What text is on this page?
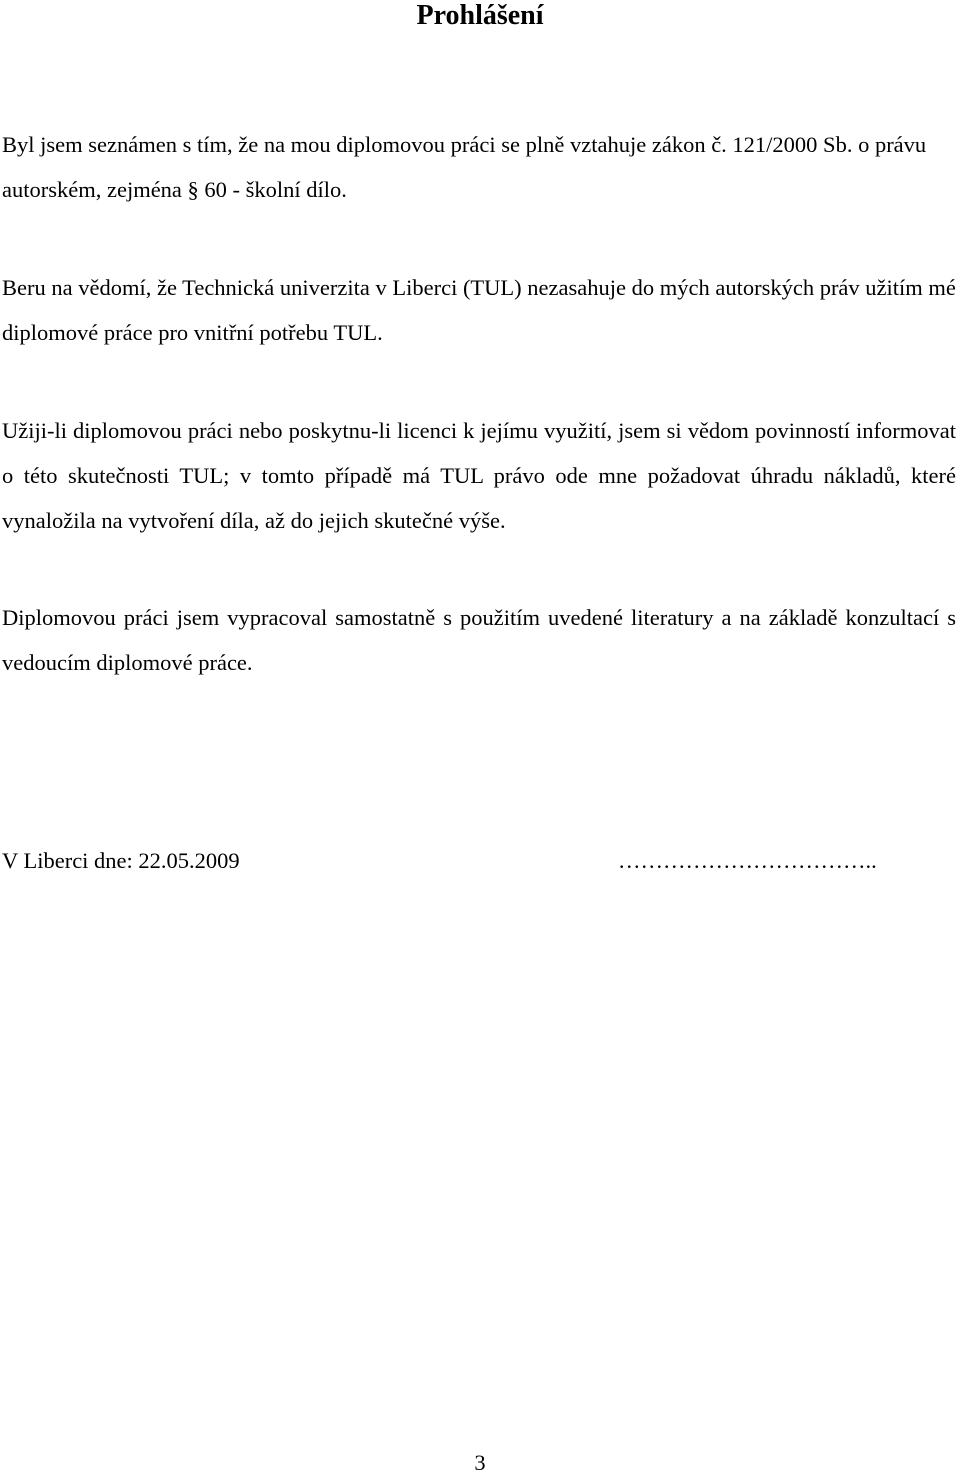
Prohlášení

Byl jsem seznámen s tím, že na mou diplomovou práci se plně vztahuje zákon č. 121/2000 Sb. o právu autorském, zejména § 60 - školní dílo.

Beru na vědomí, že Technická univerzita v Liberci (TUL) nezasahuje do mých autorských práv užitím mé diplomové práce pro vnitřní potřebu TUL.

Užiji-li diplomovou práci nebo poskytnu-li licenci k jejímu využití, jsem si vědom povinností informovat o této skutečnosti TUL; v tomto případě má TUL právo ode mne požadovat úhradu nákladů, které vynaložila na vytvoření díla, až do jejich skutečné výše.

Diplomovou práci jsem vypracoval samostatně s použitím uvedené literatury a na základě konzultací s vedoucím diplomové práce.

V Liberci dne: 22.05.2009	……………………………..

3
